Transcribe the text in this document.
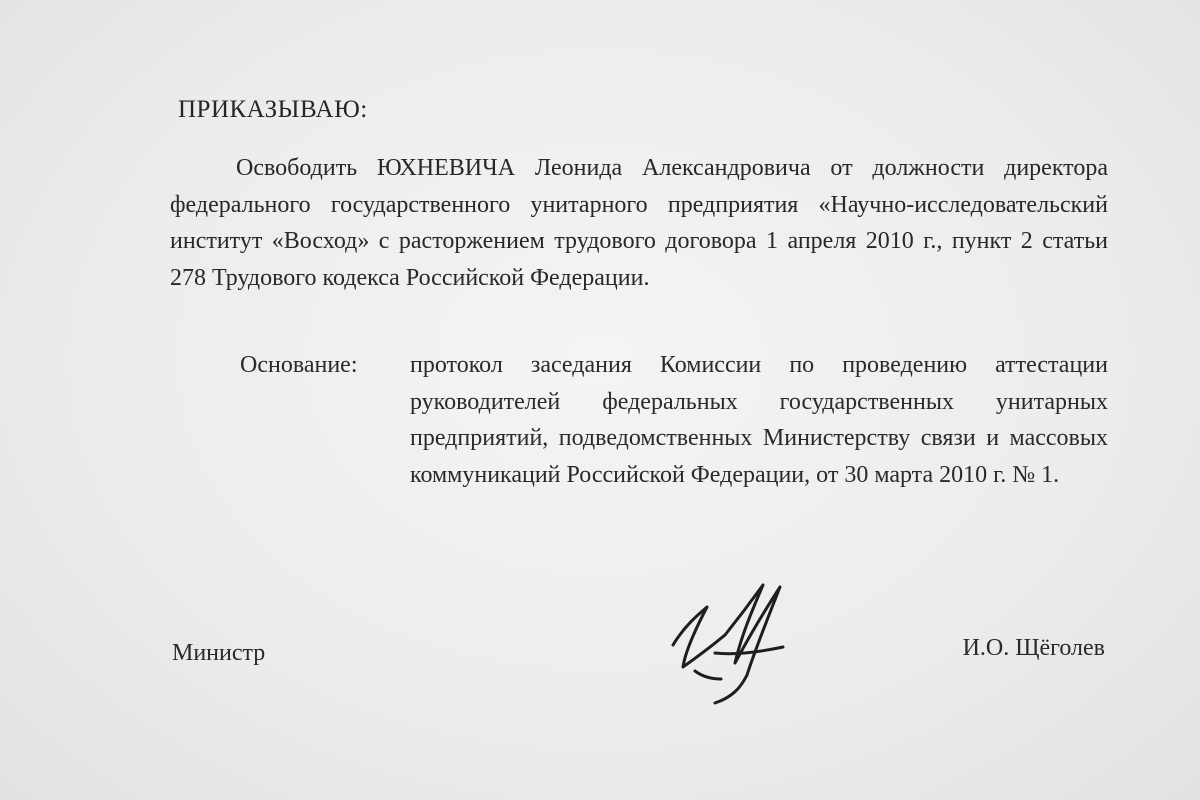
ПРИКАЗЫВАЮ:
Освободить ЮХНЕВИЧА Леонида Александровича от должности директора федерального государственного унитарного предприятия «Научно-исследовательский институт «Восход» с расторжением трудового договора 1 апреля 2010 г., пункт 2 статьи 278 Трудового кодекса Российской Федерации.
Основание:	протокол заседания Комиссии по проведению аттестации руководителей федеральных государственных унитарных предприятий, подведомственных Министерству связи и массовых коммуникаций Российской Федерации, от 30 марта 2010 г. № 1.
Министр	И.О. Щёголев
